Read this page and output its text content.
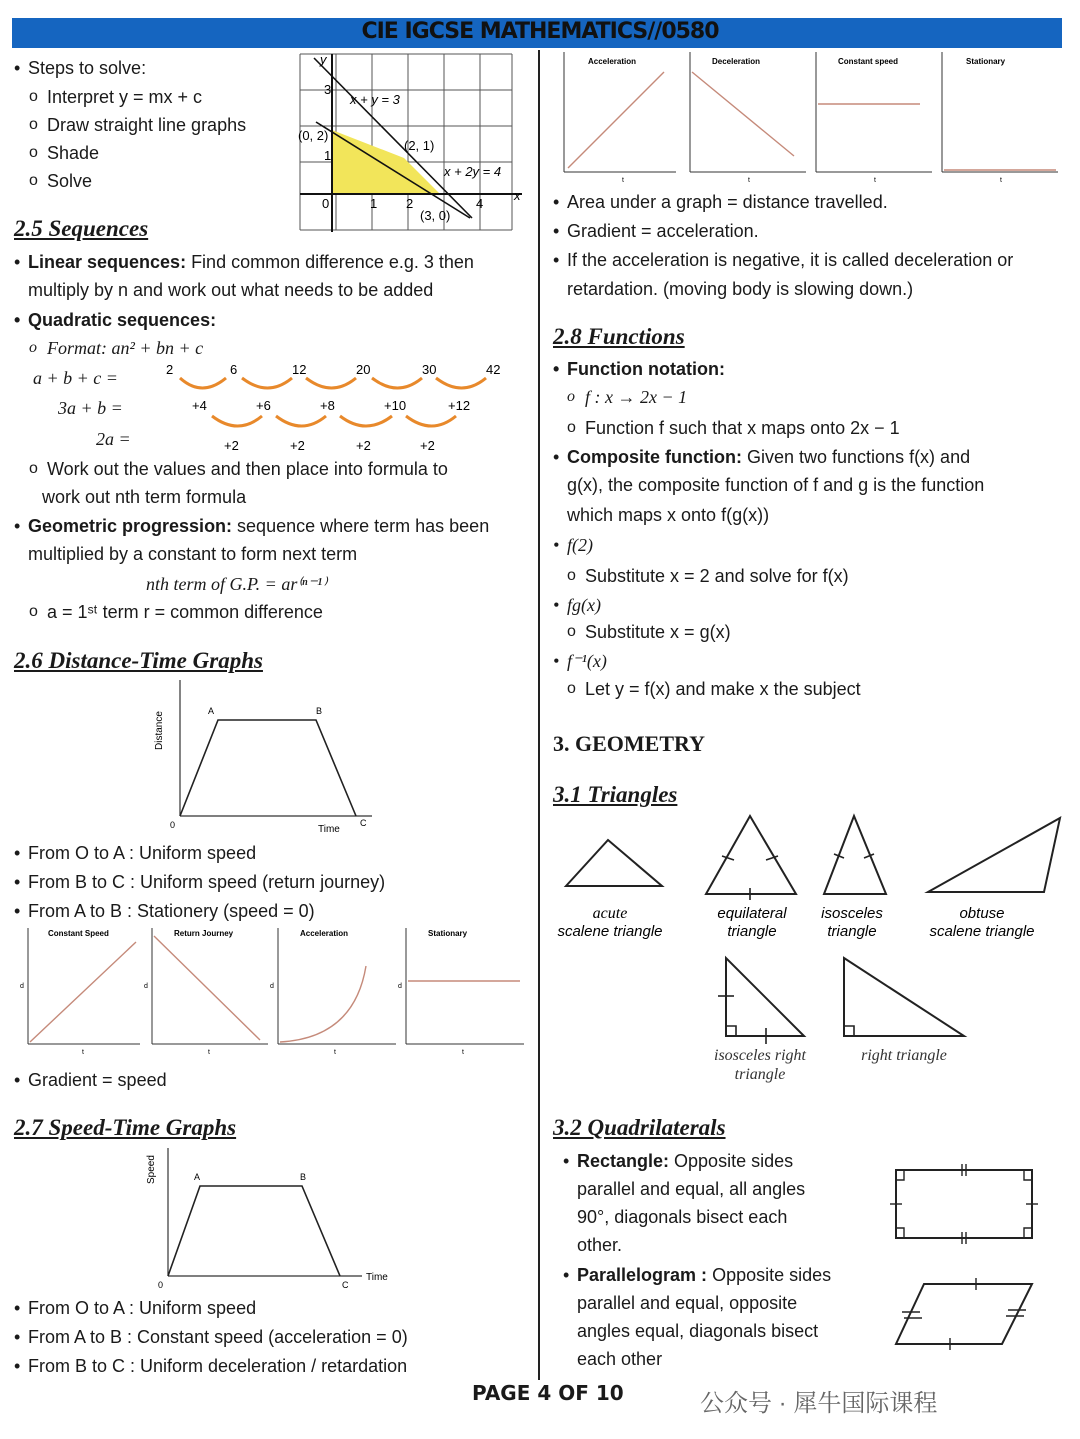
CIE IGCSE MATHEMATICS//0580
• Steps to solve:
o Interpret y = mx + c
o Draw straight line graphs
o Shade
o Solve
y
x
x + y = 3
x + 2y = 4
(0, 2)
(2, 1)
(3, 0)
0	1 2	4
3
1
2.5 Sequences
• Linear sequences: Find common difference e.g. 3 then
multiply by n and work out what needs to be added
• Quadratic sequences:
o Format: an² + bn + c
a + b + c =
3a + b =
2a =
2	6	12	20	30	42
+4	+6	+8	+10	+12
+2	+2	+2	+2
o Work out the values and then place into formula to
work out nth term formula
• Geometric progression: sequence where term has been
multiplied by a constant to form next term
nth term of G.P. = ar⁽ⁿ⁻¹⁾
o a = 1ˢᵗ term r = common difference
2.6 Distance-Time Graphs
Distance
Time
0
A	B
C
• From O to A : Uniform speed
• From B to C : Uniform speed (return journey)
• From A to B : Stationery (speed = 0)
Constant Speed
d
t
Return Journey
d
t
Acceleration
d
t
Stationary
d
t
• Gradient = speed
2.7 Speed-Time Graphs
Speed
Time
0
A	B
C
• From O to A : Uniform speed
• From A to B : Constant speed (acceleration = 0)
• From B to C : Uniform deceleration / retardation
Acceleration
t
Deceleration
t
Constant speed
t
Stationary
t
• Area under a graph = distance travelled.
• Gradient = acceleration.
• If the acceleration is negative, it is called deceleration or
retardation. (moving body is slowing down.)
2.8 Functions
• Function notation:
o f : x → 2x − 1
o Function f such that x maps onto 2x − 1
• Composite function: Given two functions f(x) and
g(x), the composite function of f and g is the function
which maps x onto f(g(x))
• f(2)
o Substitute x = 2 and solve for f(x)
• fg(x)
o Substitute x = g(x)
• f⁻¹(x)
o Let y = f(x) and make x the subject
3. GEOMETRY
3.1 Triangles
acute
scalene triangle
equilateral
triangle
isosceles
triangle
obtuse
scalene triangle
isosceles right
triangle
right triangle
3.2 Quadrilaterals
• Rectangle: Opposite sides
parallel and equal, all angles
90°, diagonals bisect each
other.
• Parallelogram : Opposite sides
parallel and equal, opposite
angles equal, diagonals bisect
each other
PAGE 4 OF 10	公众号 · 犀牛国际课程
